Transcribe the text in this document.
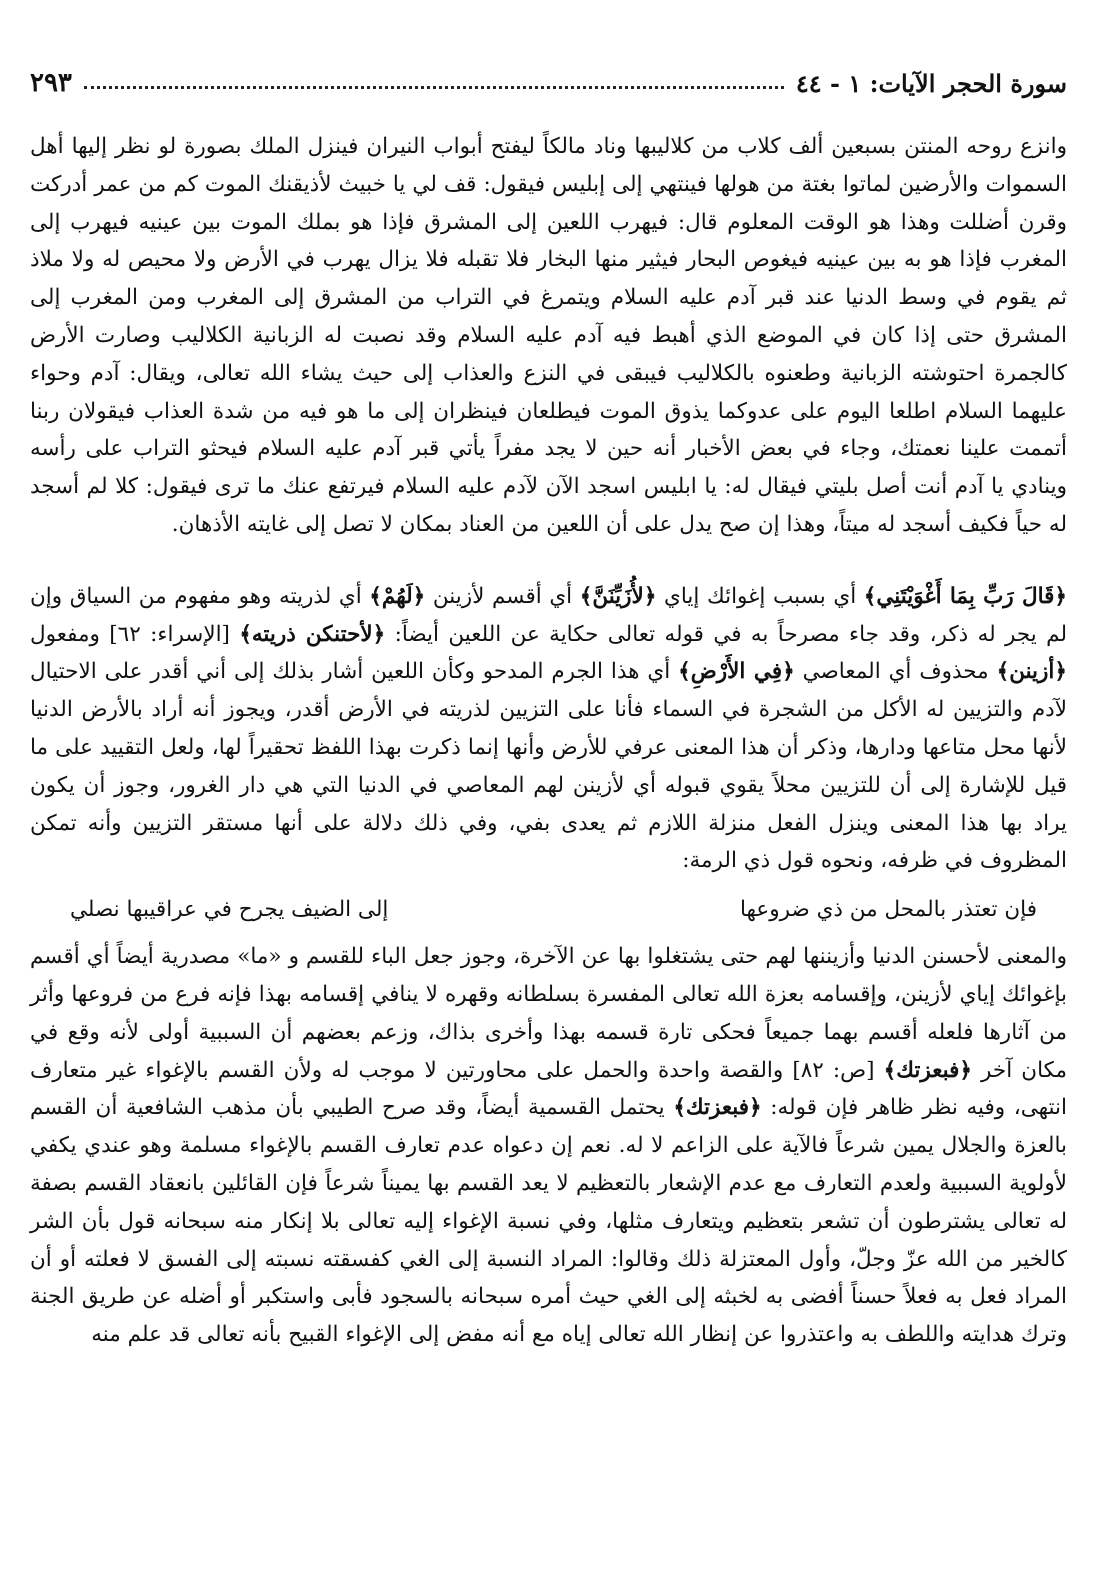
سورة الحجر الآيات: ١ - ٤٤
٢٩٣

وانزع روحه المنتن بسبعين ألف كلاب من كلاليبها وناد مالكاً ليفتح أبواب النيران فينزل الملك بصورة لو نظر إليها أهل السموات والأرضين لماتوا بغتة من هولها فينتهي إلى إبليس فيقول: قف لي يا خبيث لأذيقنك الموت كم من عمر أدركت وقرن أضللت وهذا هو الوقت المعلوم قال: فيهرب اللعين إلى المشرق فإذا هو بملك الموت بين عينيه فيهرب إلى المغرب فإذا هو به بين عينيه فيغوص البحار فيثير منها البخار فلا تقبله فلا يزال يهرب في الأرض ولا محيص له ولا ملاذ ثم يقوم في وسط الدنيا عند قبر آدم عليه السلام ويتمرغ في التراب من المشرق إلى المغرب ومن المغرب إلى المشرق حتى إذا كان في الموضع الذي أهبط فيه آدم عليه السلام وقد نصبت له الزبانية الكلاليب وصارت الأرض كالجمرة احتوشته الزبانية وطعنوه بالكلاليب فيبقى في النزع والعذاب إلى حيث يشاء الله تعالى، ويقال: آدم وحواء عليهما السلام اطلعا اليوم على عدوكما يذوق الموت فيطلعان فينظران إلى ما هو فيه من شدة العذاب فيقولان ربنا أتممت علينا نعمتك، وجاء في بعض الأخبار أنه حين لا يجد مفراً يأتي قبر آدم عليه السلام فيحثو التراب على رأسه وينادي يا آدم أنت أصل بليتي فيقال له: يا ابليس اسجد الآن لآدم عليه السلام فيرتفع عنك ما ترى فيقول: كلا لم أسجد له حياً فكيف أسجد له ميتاً، وهذا إن صح يدل على أن اللعين من العناد بمكان لا تصل إلى غايته الأذهان.

﴿قَالَ رَبِّ بِمَا أَغْوَيْتَنِي﴾ أي بسبب إغوائك إياي ﴿لأُزَيِّنَنَّ﴾ أي أقسم لأزينن ﴿لَهُمْ﴾ أي لذريته وهو مفهوم من السياق وإن لم يجر له ذكر، وقد جاء مصرحاً به في قوله تعالى حكاية عن اللعين أيضاً: ﴿لأحتنكن ذريته﴾ [الإسراء: ٦٢] ومفعول ﴿أزينن﴾ محذوف أي المعاصي ﴿فِي الأَرْضِ﴾ أي هذا الجرم المدحو وكأن اللعين أشار بذلك إلى أني أقدر على الاحتيال لآدم والتزيين له الأكل من الشجرة في السماء فأنا على التزيين لذريته في الأرض أقدر، ويجوز أنه أراد بالأرض الدنيا لأنها محل متاعها ودارها، وذكر أن هذا المعنى عرفي للأرض وأنها إنما ذكرت بهذا اللفظ تحقيراً لها، ولعل التقييد على ما قيل للإشارة إلى أن للتزيين محلاً يقوي قبوله أي لأزينن لهم المعاصي في الدنيا التي هي دار الغرور، وجوز أن يكون يراد بها هذا المعنى وينزل الفعل منزلة اللازم ثم يعدى بفي، وفي ذلك دلالة على أنها مستقر التزيين وأنه تمكن المظروف في ظرفه، ونحوه قول ذي الرمة:

فإن تعتذر بالمحل من ذي ضروعها
إلى الضيف يجرح في عراقيبها نصلي

والمعنى لأحسنن الدنيا وأزيننها لهم حتى يشتغلوا بها عن الآخرة، وجوز جعل الباء للقسم و «ما» مصدرية أيضاً أي أقسم بإغوائك إياي لأزينن، وإقسامه بعزة الله تعالى المفسرة بسلطانه وقهره لا ينافي إقسامه بهذا فإنه فرع من فروعها وأثر من آثارها فلعله أقسم بهما جميعاً فحكى تارة قسمه بهذا وأخرى بذاك، وزعم بعضهم أن السببية أولى لأنه وقع في مكان آخر ﴿فبعزتك﴾ [ص: ٨٢] والقصة واحدة والحمل على محاورتين لا موجب له ولأن القسم بالإغواء غير متعارف انتهى، وفيه نظر ظاهر فإن قوله: ﴿فبعزتك﴾ يحتمل القسمية أيضاً، وقد صرح الطيبي بأن مذهب الشافعية أن القسم بالعزة والجلال يمين شرعاً فالآية على الزاعم لا له. نعم إن دعواه عدم تعارف القسم بالإغواء مسلمة وهو عندي يكفي لأولوية السببية ولعدم التعارف مع عدم الإشعار بالتعظيم لا يعد القسم بها يميناً شرعاً فإن القائلين بانعقاد القسم بصفة له تعالى يشترطون أن تشعر بتعظيم ويتعارف مثلها، وفي نسبة الإغواء إليه تعالى بلا إنكار منه سبحانه قول بأن الشر كالخير من الله عزّ وجلّ، وأول المعتزلة ذلك وقالوا: المراد النسبة إلى الغي كفسقته نسبته إلى الفسق لا فعلته أو أن المراد فعل به فعلاً حسناً أفضى به لخبثه إلى الغي حيث أمره سبحانه بالسجود فأبى واستكبر أو أضله عن طريق الجنة وترك هدايته واللطف به واعتذروا عن إنظار الله تعالى إياه مع أنه مفض إلى الإغواء القبيح بأنه تعالى قد علم منه
